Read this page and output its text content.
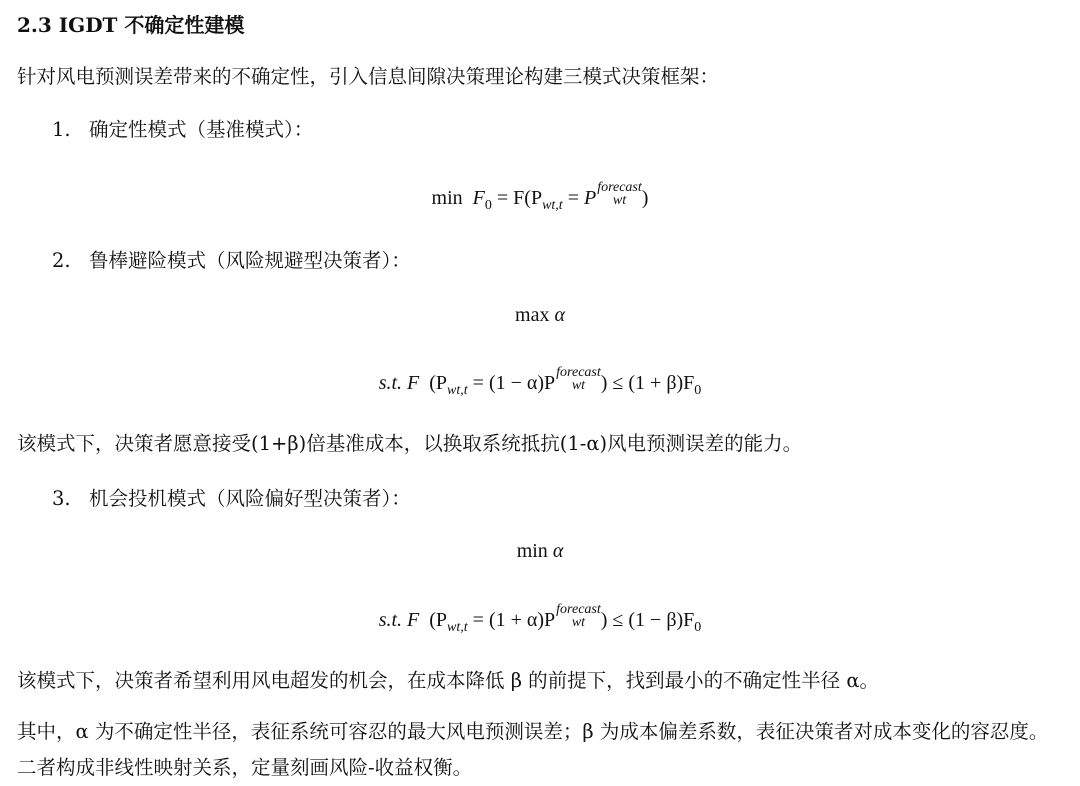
2.3 IGDT 不确定性建模
针对风电预测误差带来的不确定性，引入信息间隙决策理论构建三模式决策框架：
1. 确定性模式（基准模式）：
$\min F_0 = F(P_{wt,t} = P$ forecast
wt )
2. 鲁棒避险模式（风险规避型决策者）：
max α
s.t. F ($P_{wt,t} = (1 - \alpha)P$ forecast
wt ) ≤ $(1 + \beta)F_0$
该模式下，决策者愿意接受(1+β)倍基准成本，以换取系统抵抗(1-α)风电预测误差的能力。
3. 机会投机模式（风险偏好型决策者）：
min α
s.t. F ($P_{wt,t} = (1 + \alpha)P$ forecast
wt ) ≤ $(1 - \beta)F_0$
该模式下，决策者希望利用风电超发的机会，在成本降低 β 的前提下，找到最小的不确定性半径 α。
其中，α 为不确定性半径，表征系统可容忍的最大风电预测误差；β 为成本偏差系数，表征决策者对成本变化的容忍度。二者构成非线性映射关系，定量刻画风险-收益权衡。
